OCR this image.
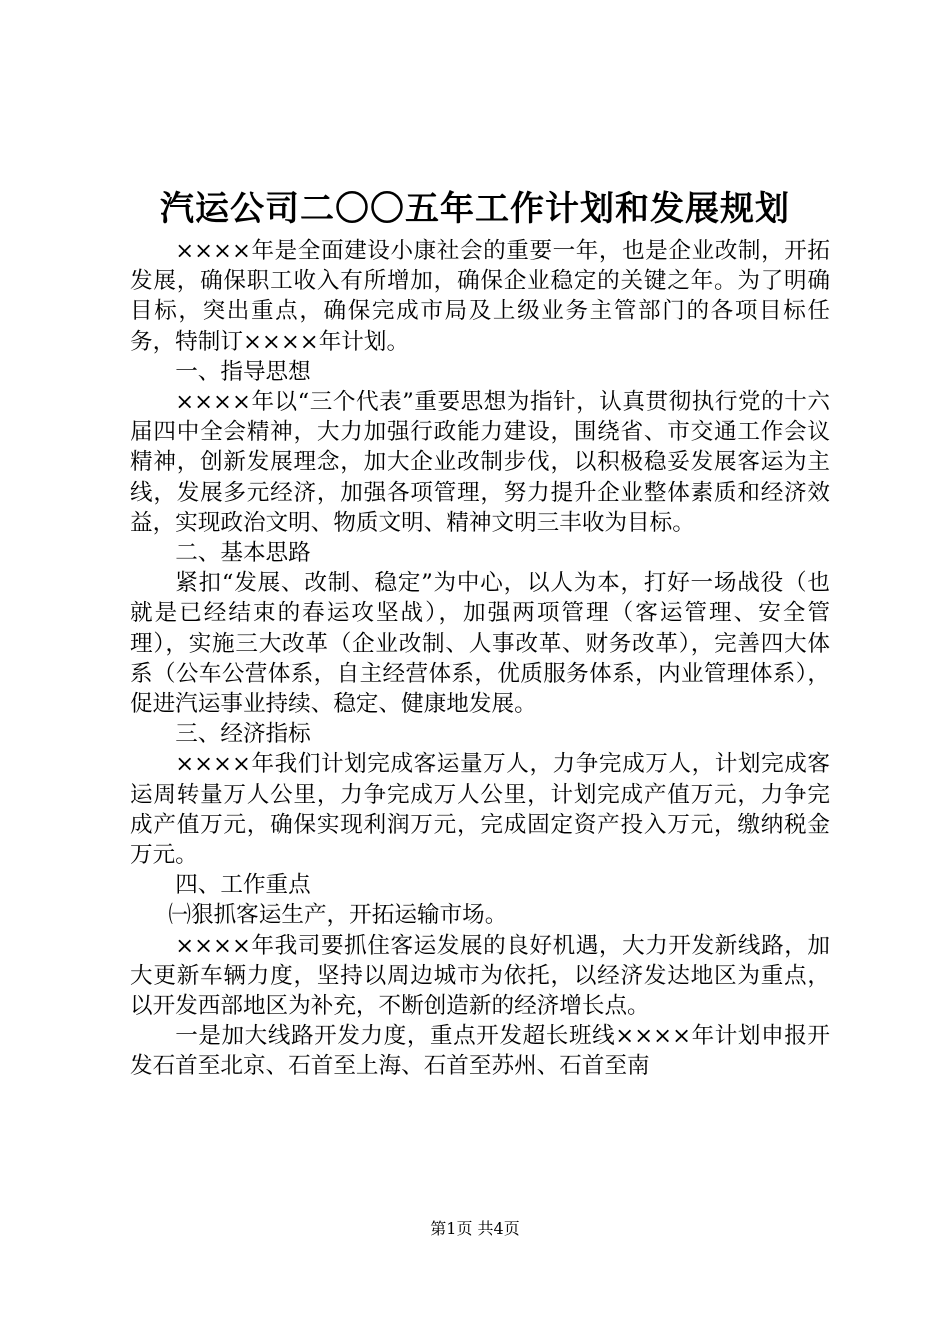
汽运公司二〇〇五年工作计划和发展规划

××××年是全面建设小康社会的重要一年，也是企业改制，开拓发展，确保职工收入有所增加，确保企业稳定的关键之年。为了明确目标，突出重点，确保完成市局及上级业务主管部门的各项目标任务，特制订××××年计划。

一、指导思想

××××年以“三个代表”重要思想为指针，认真贯彻执行党的十六届四中全会精神，大力加强行政能力建设，围绕省、市交通工作会议精神，创新发展理念，加大企业改制步伐，以积极稳妥发展客运为主线，发展多元经济，加强各项管理，努力提升企业整体素质和经济效益，实现政治文明、物质文明、精神文明三丰收为目标。

二、基本思路

紧扣“发展、改制、稳定”为中心，以人为本，打好一场战役（也就是已经结束的春运攻坚战），加强两项管理（客运管理、安全管理），实施三大改革（企业改制、人事改革、财务改革），完善四大体系（公车公营体系，自主经营体系，优质服务体系，内业管理体系），促进汽运事业持续、稳定、健康地发展。

三、经济指标

××××年我们计划完成客运量万人，力争完成万人，计划完成客运周转量万人公里，力争完成万人公里，计划完成产值万元，力争完成产值万元，确保实现利润万元，完成固定资产投入万元，缴纳税金万元。

四、工作重点

㈠狠抓客运生产，开拓运输市场。

××××年我司要抓住客运发展的良好机遇，大力开发新线路，加大更新车辆力度，坚持以周边城市为依托，以经济发达地区为重点，以开发西部地区为补充，不断创造新的经济增长点。

一是加大线路开发力度，重点开发超长班线××××年计划申报开发石首至北京、石首至上海、石首至苏州、石首至南

第1页 共4页
